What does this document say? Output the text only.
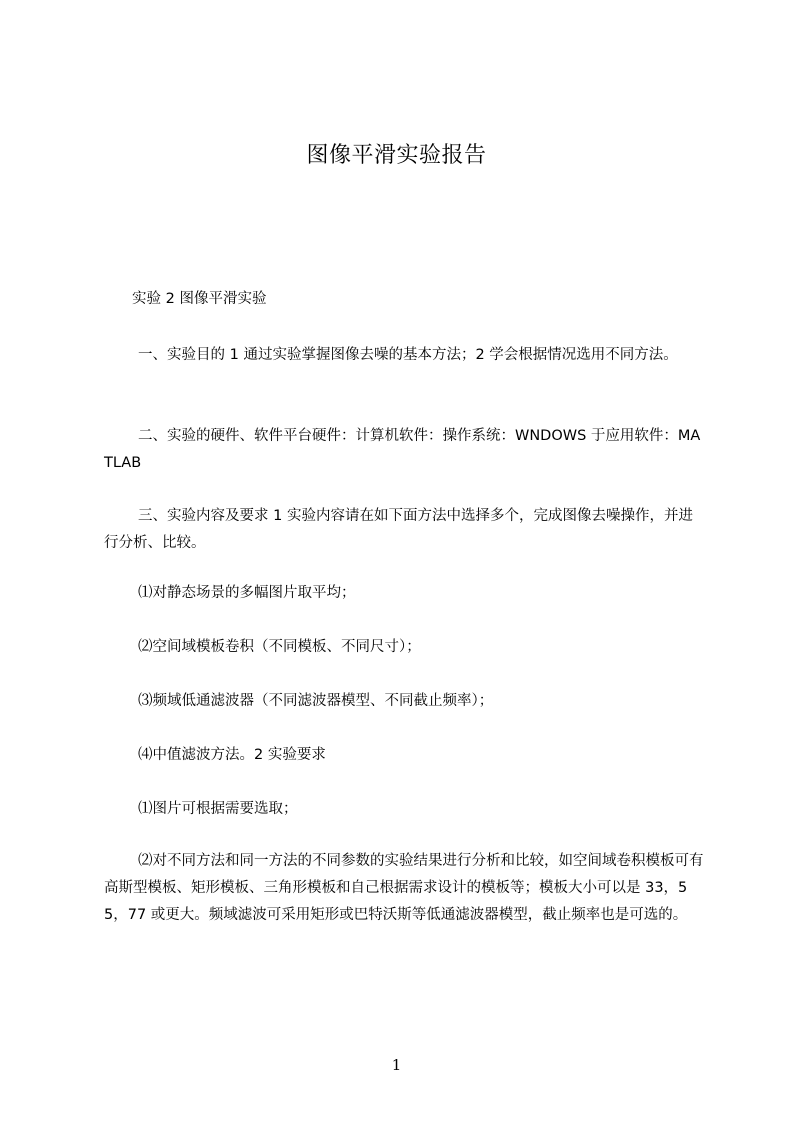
图像平滑实验报告
实验 2 图像平滑实验
一、实验目的 1 通过实验掌握图像去噪的基本方法；2 学会根据情况选用不同方法。
二、实验的硬件、软件平台硬件：计算机软件：操作系统：WNDOWS 于应用软件：MATLAB
三、实验内容及要求 1 实验内容请在如下面方法中选择多个，完成图像去噪操作，并进行分析、比较。
⑴对静态场景的多幅图片取平均；
⑵空间域模板卷积（不同模板、不同尺寸）；
⑶频域低通滤波器（不同滤波器模型、不同截止频率）；
⑷中值滤波方法。2 实验要求
⑴图片可根据需要选取；
⑵对不同方法和同一方法的不同参数的实验结果进行分析和比较，如空间域卷积模板可有高斯型模板、矩形模板、三角形模板和自己根据需求设计的模板等；模板大小可以是 33，55，77 或更大。频域滤波可采用矩形或巴特沃斯等低通滤波器模型，截止频率也是可选的。
1
